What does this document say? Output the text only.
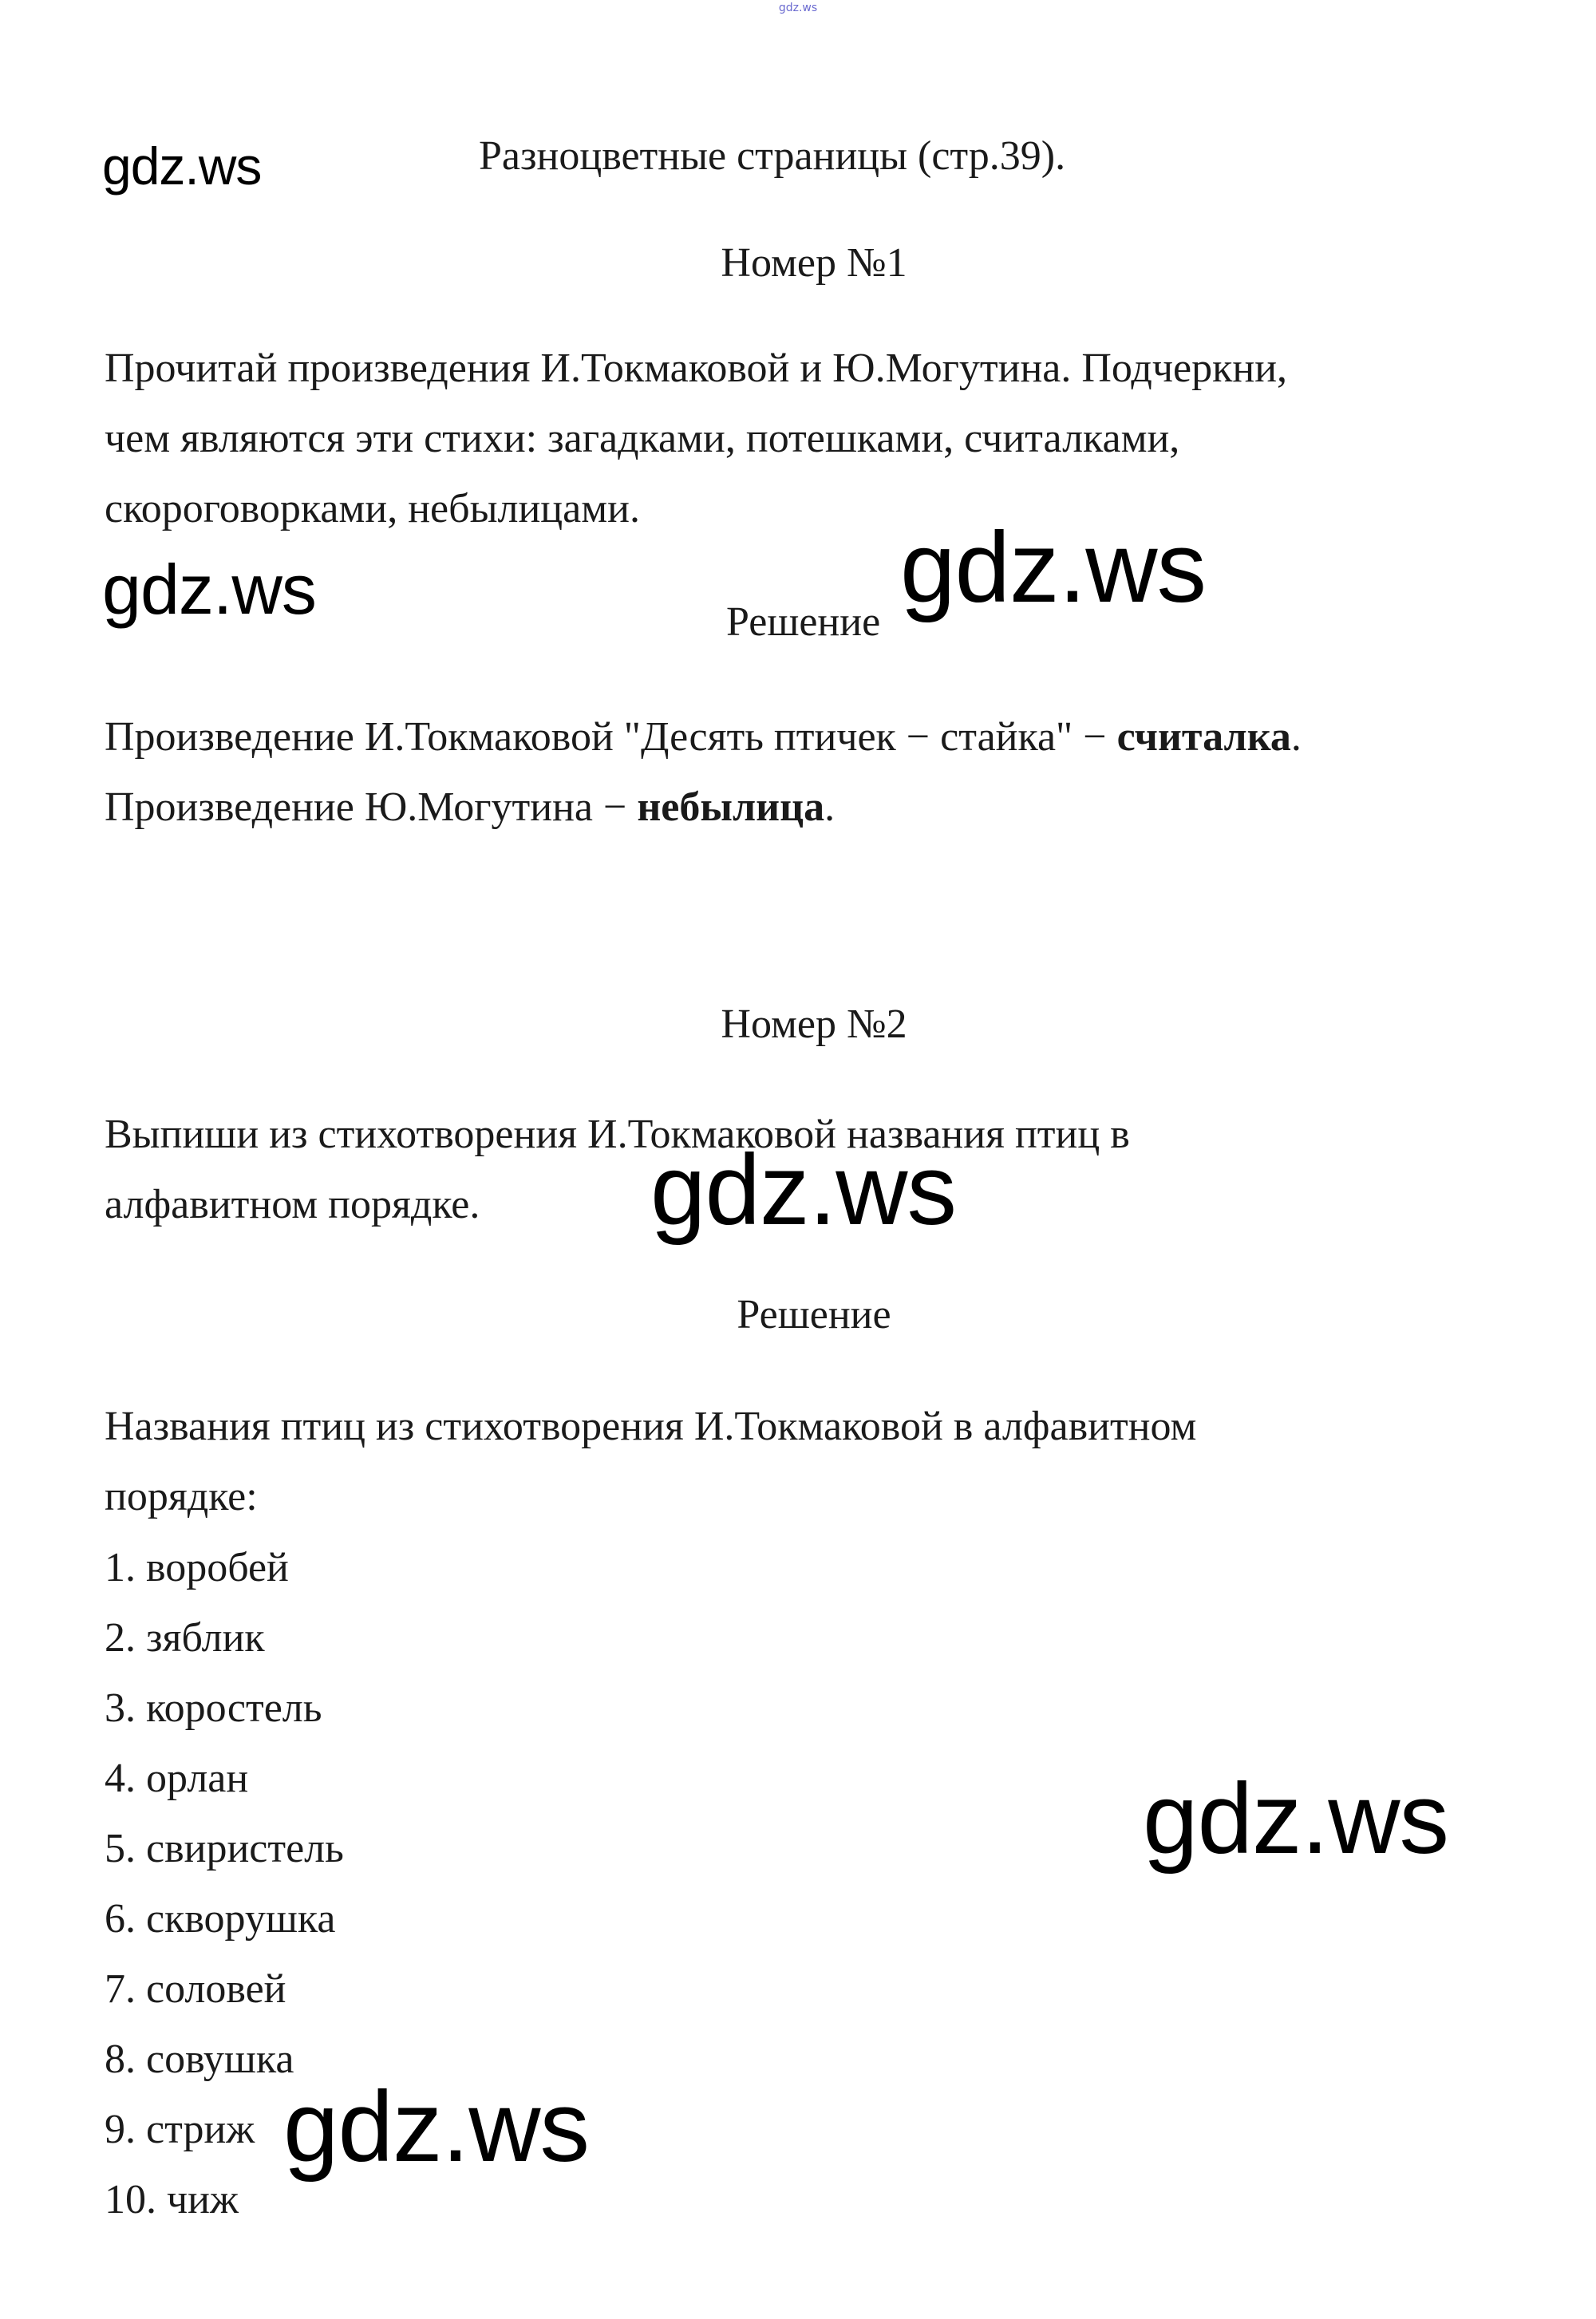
gdz.ws
gdz.ws	Разноцветные страницы (стр.39).
Номер №1
Прочитай произведения И.Токмаковой и Ю.Могутина. Подчеркни,
чем являются эти стихи: загадками, потешками, считалками,
скороговорками, небылицами.
gdz.ws	Решение gdz.ws
Произведение И.Токмаковой "Десять птичек − стайка" − считалка.
Произведение Ю.Могутина − небылица.
Номер №2
Выпиши из стихотворения И.Токмаковой названия птиц в
алфавитном порядке. gdz.ws
Решение
Названия птиц из стихотворения И.Токмаковой в алфавитном
порядке:
1. воробей
2. зяблик
3. коростель
4. орлан
5. свиристель
6. скворушка
7. соловей
8. совушка
9. стриж
10. чиж
gdz.ws
gdz.ws
